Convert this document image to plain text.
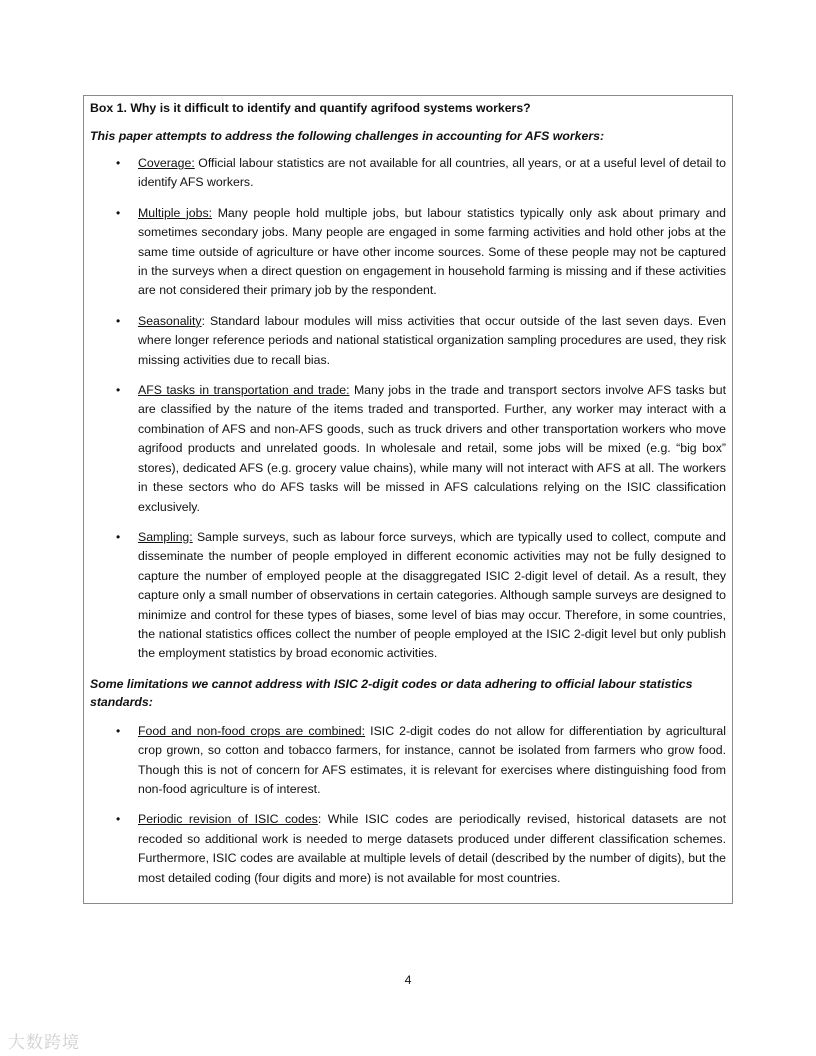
Box 1. Why is it difficult to identify and quantify agrifood systems workers?

This paper attempts to address the following challenges in accounting for AFS workers:

• Coverage: Official labour statistics are not available for all countries, all years, or at a useful level of detail to identify AFS workers.
• Multiple jobs: Many people hold multiple jobs, but labour statistics typically only ask about primary and sometimes secondary jobs. Many people are engaged in some farming activities and hold other jobs at the same time outside of agriculture or have other income sources. Some of these people may not be captured in the surveys when a direct question on engagement in household farming is missing and if these activities are not considered their primary job by the respondent.
• Seasonality: Standard labour modules will miss activities that occur outside of the last seven days. Even where longer reference periods and national statistical organization sampling procedures are used, they risk missing activities due to recall bias.
• AFS tasks in transportation and trade: Many jobs in the trade and transport sectors involve AFS tasks but are classified by the nature of the items traded and transported. Further, any worker may interact with a combination of AFS and non-AFS goods, such as truck drivers and other transportation workers who move agrifood products and unrelated goods. In wholesale and retail, some jobs will be mixed (e.g. “big box” stores), dedicated AFS (e.g. grocery value chains), while many will not interact with AFS at all. The workers in these sectors who do AFS tasks will be missed in AFS calculations relying on the ISIC classification exclusively.
• Sampling: Sample surveys, such as labour force surveys, which are typically used to collect, compute and disseminate the number of people employed in different economic activities may not be fully designed to capture the number of employed people at the disaggregated ISIC 2-digit level of detail. As a result, they capture only a small number of observations in certain categories. Although sample surveys are designed to minimize and control for these types of biases, some level of bias may occur. Therefore, in some countries, the national statistics offices collect the number of people employed at the ISIC 2-digit level but only publish the employment statistics by broad economic activities.

Some limitations we cannot address with ISIC 2-digit codes or data adhering to official labour statistics standards:

• Food and non-food crops are combined: ISIC 2-digit codes do not allow for differentiation by agricultural crop grown, so cotton and tobacco farmers, for instance, cannot be isolated from farmers who grow food. Though this is not of concern for AFS estimates, it is relevant for exercises where distinguishing food from non-food agriculture is of interest.
• Periodic revision of ISIC codes: While ISIC codes are periodically revised, historical datasets are not recoded so additional work is needed to merge datasets produced under different classification schemes. Furthermore, ISIC codes are available at multiple levels of detail (described by the number of digits), but the most detailed coding (four digits and more) is not available for most countries.
4
大数跨境
